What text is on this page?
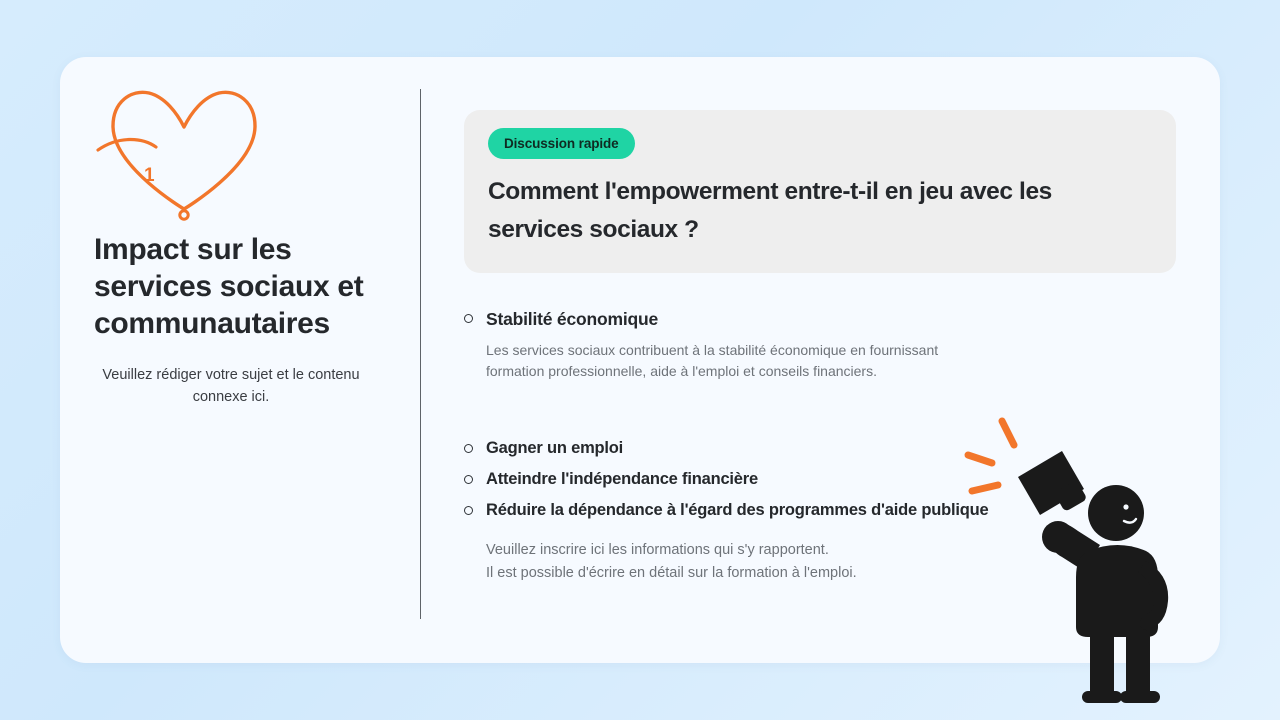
1
Impact sur les services sociaux et communautaires
Veuillez rédiger votre sujet et le contenu connexe ici.
Discussion rapide
Comment l'empowerment entre-t-il en jeu avec les services sociaux ?
Stabilité économique
Les services sociaux contribuent à la stabilité économique en fournissant formation professionnelle, aide à l'emploi et conseils financiers.
Gagner un emploi
Atteindre l'indépendance financière
Réduire la dépendance à l'égard des programmes d'aide publique
Veuillez inscrire ici les informations qui s'y rapportent.
Il est possible d'écrire en détail sur la formation à l'emploi.
